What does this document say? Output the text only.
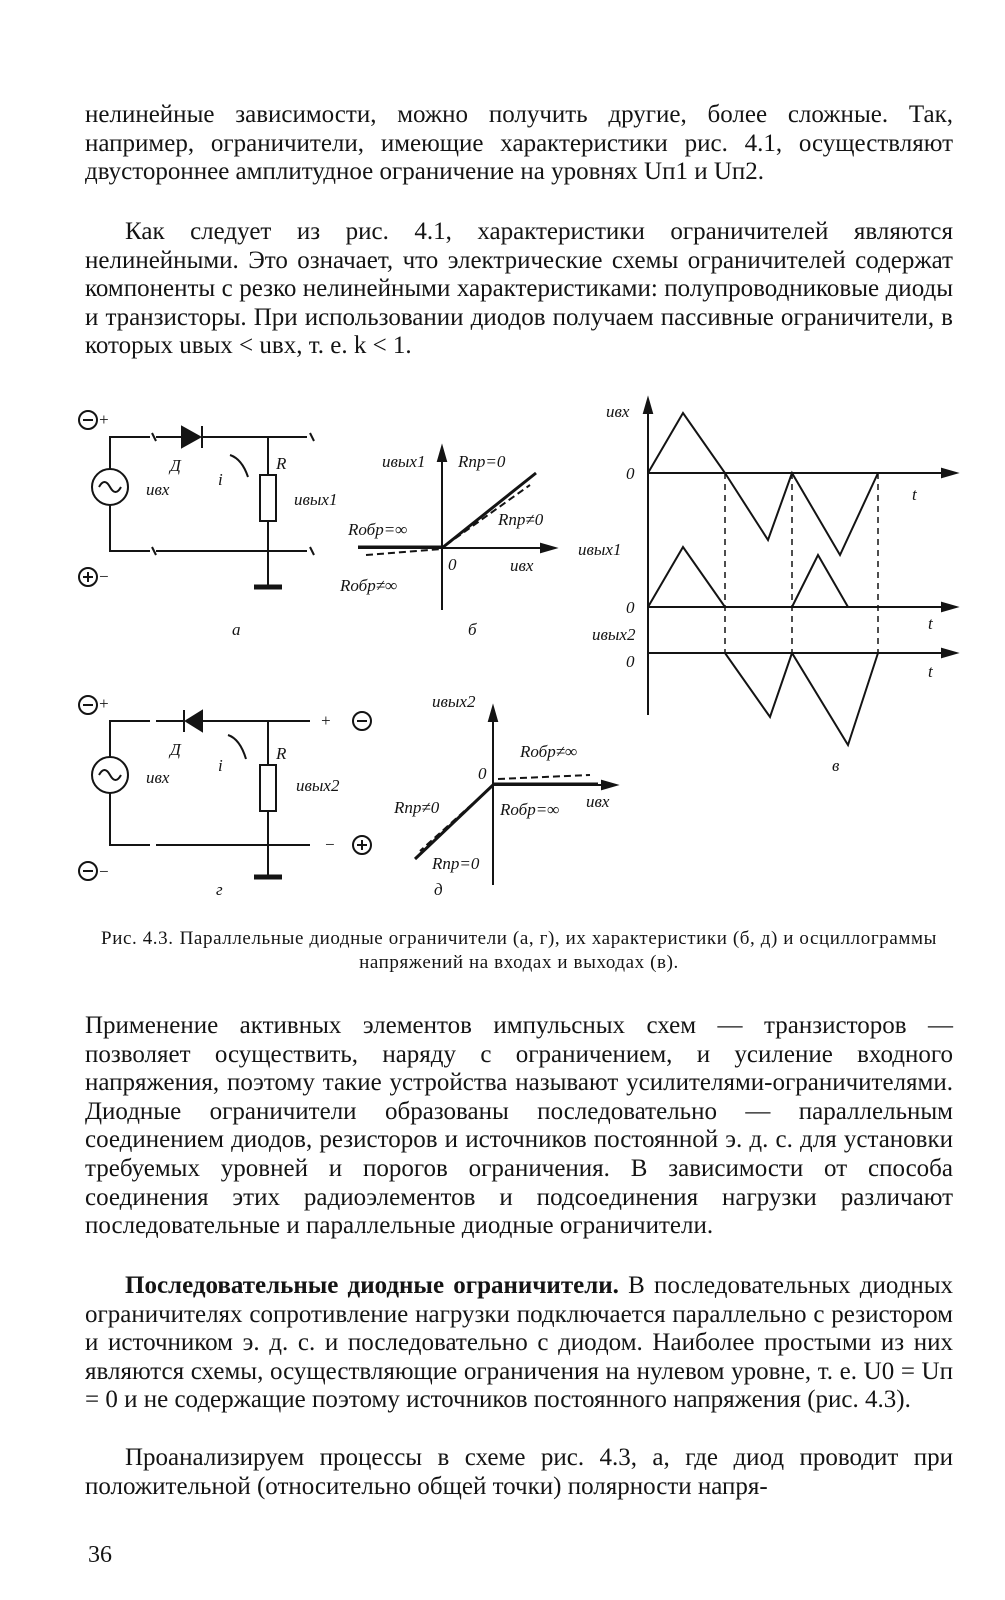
нелинейные зависимости, можно получить другие, более сложные. Так, например, ограничители, имеющие характеристики рис. 4.1, осуществляют двустороннее амплитудное ограничение на уровнях Uп1 и Uп2.

Как следует из рис. 4.1, характеристики ограничителей являются нелинейными. Это означает, что электрические схемы ограничителей содержат компоненты с резко нелинейными характеристиками: полупроводниковые диоды и транзисторы. При использовании диодов получаем пассивные ограничители, в которых uвых < uвх, т. е. k < 1.

+
−
Д
i
R
uвх
uвых1
а
uвых1 Rпр=0
Rпр≠0
Rобр=∞
Rобр≠∞
0	uвх
б
uвх
0
t
uвых1
0
t
uвых2
0
t
в
+
−
Д
i
R
uвх	uвых2
+
−
г
uвых2
Rобр≠∞
0
Rпр≠0	Rобр=∞ uвх
Rпр=0
д
Рис. 4.3. Параллельные диодные ограничители (а, г), их характеристики (б, д) и осциллограммы напряжений на входах и выходах (в).

Применение активных элементов импульсных схем — транзисторов — позволяет осуществить, наряду с ограничением, и усиление входного напряжения, поэтому такие устройства называют усилителями-ограничителями. Диодные ограничители образованы последовательно — параллельным соединением диодов, резисторов и источников постоянной э. д. с. для установки требуемых уровней и порогов ограничения. В зависимости от способа соединения этих радиоэлементов и подсоединения нагрузки различают последовательные и параллельные диодные ограничители.

Последовательные диодные ограничители. В последовательных диодных ограничителях сопротивление нагрузки подключается параллельно с резистором и источником э. д. с. и последовательно с диодом. Наиболее простыми из них являются схемы, осуществляющие ограничения на нулевом уровне, т. е. U0 = Uп = 0 и не содержащие поэтому источников постоянного напряжения (рис. 4.3).

Проанализируем процессы в схеме рис. 4.3, а, где диод проводит при положительной (относительно общей точки) полярности напря-

36
